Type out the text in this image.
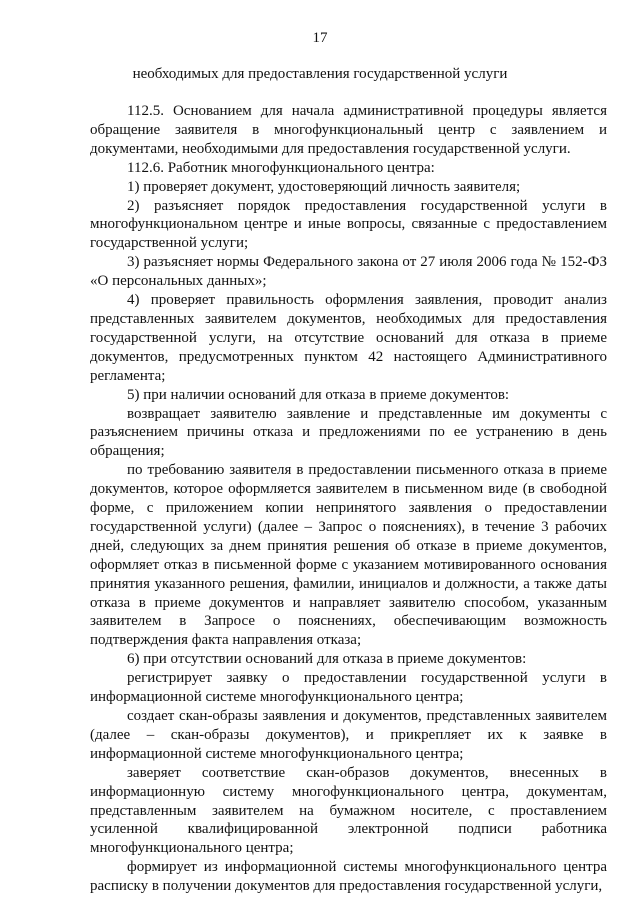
17
необходимых для предоставления государственной услуги

112.5. Основанием для начала административной процедуры является обращение заявителя в многофункциональный центр с заявлением и документами, необходимыми для предоставления государственной услуги.

112.6. Работник многофункционального центра:

1) проверяет документ, удостоверяющий личность заявителя;

2) разъясняет порядок предоставления государственной услуги в многофункциональном центре и иные вопросы, связанные с предоставлением государственной услуги;

3) разъясняет нормы Федерального закона от 27 июля 2006 года № 152-ФЗ «О персональных данных»;

4) проверяет правильность оформления заявления, проводит анализ представленных заявителем документов, необходимых для предоставления государственной услуги, на отсутствие оснований для отказа в приеме документов, предусмотренных пунктом 42 настоящего Административного регламента;

5) при наличии оснований для отказа в приеме документов:

возвращает заявителю заявление и представленные им документы с разъяснением причины отказа и предложениями по ее устранению в день обращения;

по требованию заявителя в предоставлении письменного отказа в приеме документов, которое оформляется заявителем в письменном виде (в свободной форме, с приложением копии непринятого заявления о предоставлении государственной услуги) (далее – Запрос о пояснениях), в течение 3 рабочих дней, следующих за днем принятия решения об отказе в приеме документов, оформляет отказ в письменной форме с указанием мотивированного основания принятия указанного решения, фамилии, инициалов и должности, а также даты отказа в приеме документов и направляет заявителю способом, указанным заявителем в Запросе о пояснениях, обеспечивающим возможность подтверждения факта направления отказа;

6) при отсутствии оснований для отказа в приеме документов:

регистрирует заявку о предоставлении государственной услуги в информационной системе многофункционального центра;

создает скан-образы заявления и документов, представленных заявителем (далее – скан-образы документов), и прикрепляет их к заявке в информационной системе многофункционального центра;

заверяет соответствие скан-образов документов, внесенных в информационную систему многофункционального центра, документам, представленным заявителем на бумажном носителе, с проставлением усиленной квалифицированной электронной подписи работника многофункционального центра;

формирует из информационной системы многофункционального центра расписку в получении документов для предоставления государственной услуги,
